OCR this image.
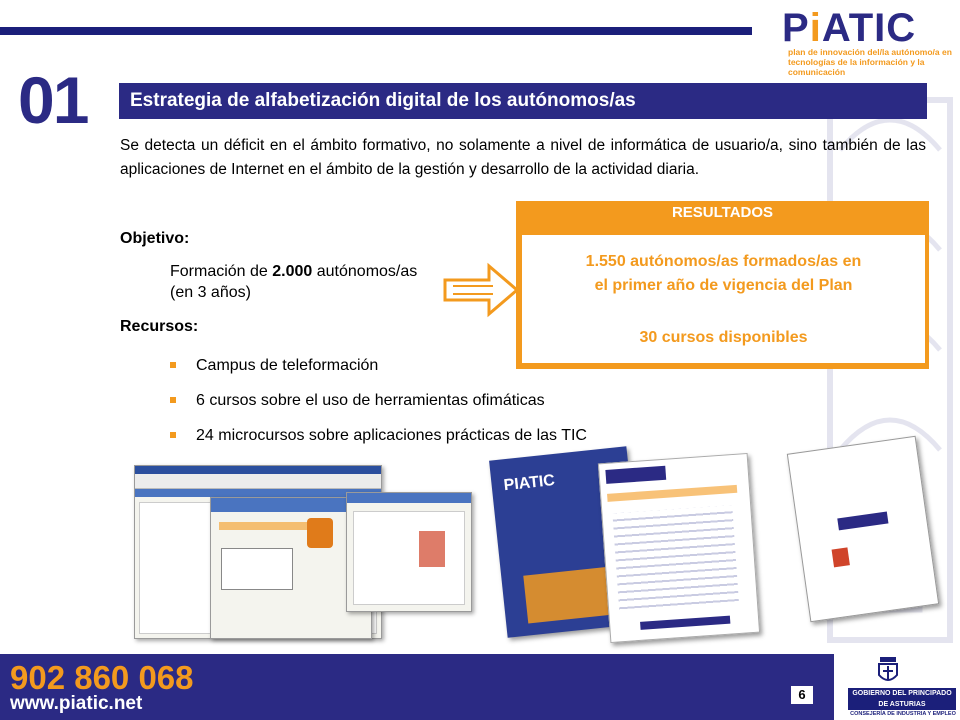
PiATIC
plan de innovación del/la autónomo/a en tecnologías de la información y la comunicación
01 Estrategia de alfabetización digital de los autónomos/as
Se detecta un déficit en el ámbito formativo, no solamente a nivel de informática de usuario/a, sino también de las aplicaciones de Internet en el ámbito de la gestión y desarrollo de la actividad diaria.
Objetivo:
Formación de 2.000 autónomos/as (en 3 años)
Recursos:
Campus de teleformación
6 cursos sobre el uso de herramientas ofimáticas
24 microcursos sobre aplicaciones prácticas de las TIC
RESULTADOS
1.550 autónomos/as formados/as en
el primer año de vigencia del Plan
30 cursos disponibles
PIATIC
902 860 068
www.piatic.net	6	GOBIERNO DEL PRINCIPADO DE ASTURIAS
CONSEJERÍA DE INDUSTRIA Y EMPLEO
